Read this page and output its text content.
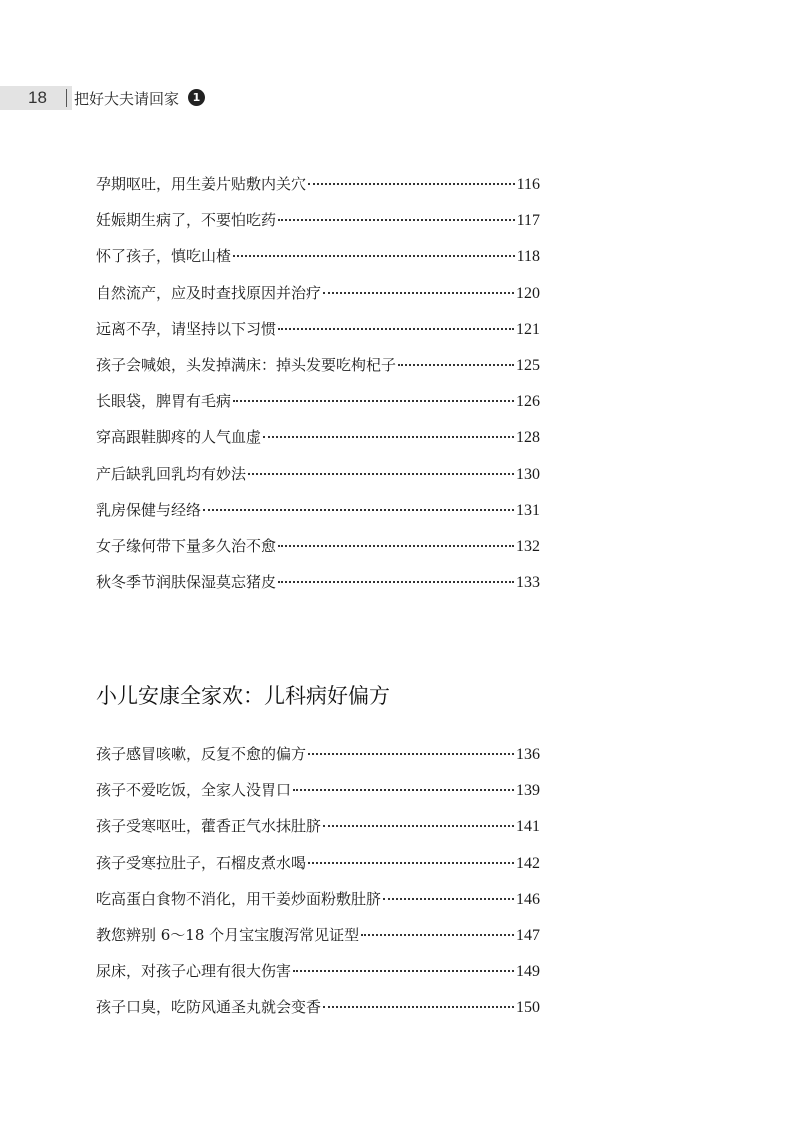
18 把好大夫请回家	1
孕期呕吐，用生姜片贴敷内关穴	116
妊娠期生病了，不要怕吃药	117
怀了孩子，慎吃山楂	118
自然流产，应及时查找原因并治疗	120
远离不孕，请坚持以下习惯	121
孩子会喊娘，头发掉满床：掉头发要吃枸杞子	125
长眼袋，脾胃有毛病	126
穿高跟鞋脚疼的人气血虚	128
产后缺乳回乳均有妙法	130
乳房保健与经络	131
女子缘何带下量多久治不愈	132
秋冬季节润肤保湿莫忘猪皮	133
小儿安康全家欢：儿科病好偏方
孩子感冒咳嗽，反复不愈的偏方	136
孩子不爱吃饭，全家人没胃口	139
孩子受寒呕吐，藿香正气水抹肚脐	141
孩子受寒拉肚子，石榴皮煮水喝	142
吃高蛋白食物不消化，用干姜炒面粉敷肚脐	146
教您辨别 6～18 个月宝宝腹泻常见证型	147
尿床，对孩子心理有很大伤害	149
孩子口臭，吃防风通圣丸就会变香	150
